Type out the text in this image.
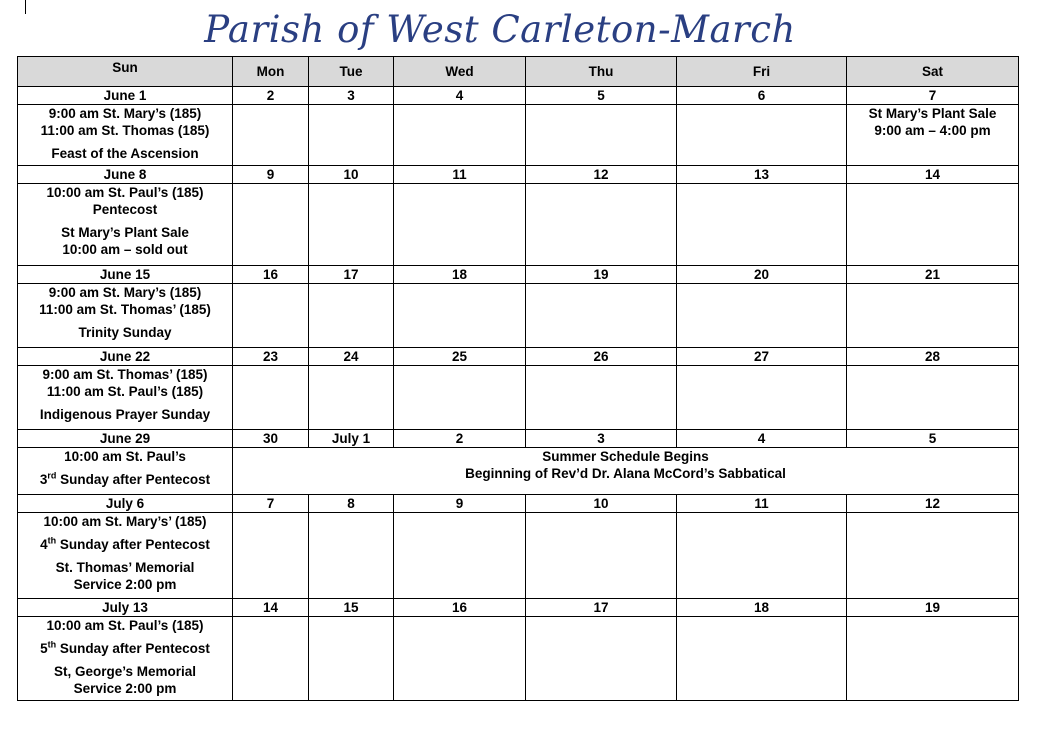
Parish of West Carleton-March
Sun	Mon	Tue	Wed	Thu	Fri	Sat
June 1	2	3	4	5	6	7

9:00 am St. Mary’s (185)
11:00 am St. Thomas (185)
Feast of the Ascension						St Mary’s Plant Sale
9:00 am – 4:00 pm

June 8	9	10	11	12	13	14

10:00 am St. Paul’s (185)
Pentecost
St Mary’s Plant Sale
10:00 am – sold out						

June 15	16	17	18	19	20	21

9:00 am St. Mary’s (185)
11:00 am St. Thomas’ (185)
Trinity Sunday						

June 22	23	24	25	26	27	28

9:00 am St. Thomas’ (185)
11:00 am St. Paul’s (185)
Indigenous Prayer Sunday						

June 29	30	July 1	2	3	4	5

10:00 am St. Paul’s
3rd Sunday after Pentecost	Summer Schedule Begins
Beginning of Rev’d Dr. Alana McCord’s Sabbatical					

July 6	7	8	9	10	11	12

10:00 am St. Mary’s’ (185)
4th Sunday after Pentecost
St. Thomas’ Memorial
Service 2:00 pm						

July 13	14	15	16	17	18	19

10:00 am St. Paul’s (185)
5th Sunday after Pentecost
St, George’s Memorial
Service 2:00 pm						
